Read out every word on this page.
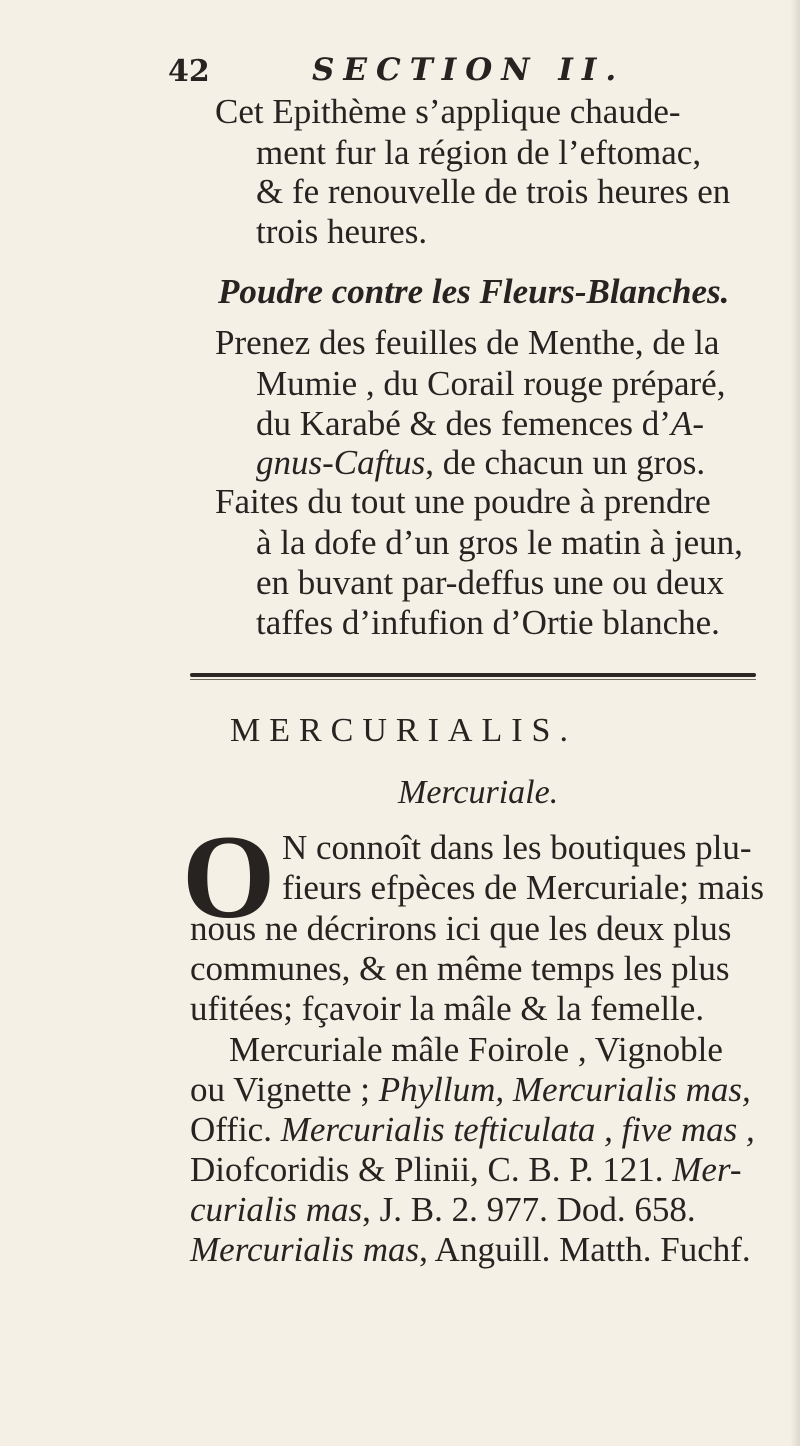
42	SECTION II.
Cet Epithème s’applique chaude-
ment fur la région de l’eftomac,
& fe renouvelle de trois heures en
trois heures.
Poudre contre les Fleurs-Blanches.
Prenez des feuilles de Menthe, de la
Mumie , du Corail rouge préparé,
du Karabé & des femences d’A-
gnus-Caftus, de chacun un gros.
Faites du tout une poudre à prendre
à la dofe d’un gros le matin à jeun,
en buvant par-deffus une ou deux
taffes d’infufion d’Ortie blanche.
MERCURIALIS.
Mercuriale.
O N connoît dans les boutiques plu-
fieurs efpèces de Mercuriale; mais
nous ne décrirons ici que les deux plus
communes, & en même temps les plus
ufitées; fçavoir la mâle & la femelle.
Mercuriale mâle Foirole , Vignoble
ou Vignette ; Phyllum, Mercurialis mas,
Offic. Mercurialis tefticulata , five mas ,
Diofcoridis & Plinii, C. B. P. 121. Mer-
curialis mas, J. B. 2. 977. Dod. 658.
Mercurialis mas, Anguill. Matth. Fuchf.
